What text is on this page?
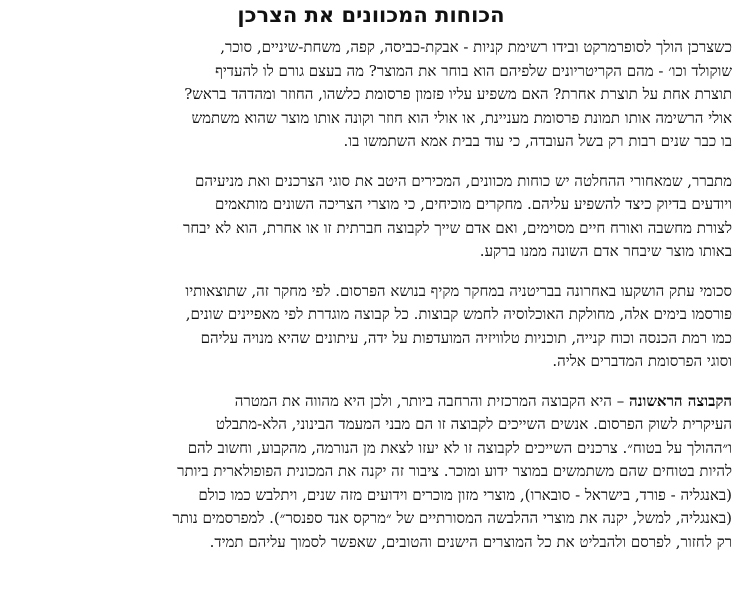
הכוחות המכוונים את הצרכן
כשצרכן הולך לסופרמרקט ובידו רשימת קניות - אבקת-כביסה, קפה, משחת-שיניים, סוכר,
שוקולד וכו׳ - מהם הקריטריונים שלפיהם הוא בוחר את המוצר? מה בעצם גורם לו להעדיף
תוצרת אחת על תוצרת אחרת? האם משפיע עליו פזמון פרסומת כלשהו, החוזר ומהדהד בראש?
אולי הרשימה אותו תמונת פרסומת מעניינת, או אולי הוא חוזר וקונה אותו מוצר שהוא משתמש
בו כבר שנים רבות רק בשל העובדה, כי עוד בבית אמא השתמשו בו.
מתברר, שמאחורי ההחלטה יש כוחות מכוונים, המכירים היטב את סוגי הצרכנים ואת מניעיהם
ויודעים בדיוק כיצד להשפיע עליהם. מחקרים מוכיחים, כי מוצרי הצריכה השונים מותאמים
לצורת מחשבה ואורח חיים מסוימים, ואם אדם שייך לקבוצה חברתית זו או אחרת, הוא לא יבחר
באותו מוצר שיבחר אדם השונה ממנו ברקע.
סכומי עתק הושקעו באחרונה בבריטניה במחקר מקיף בנושא הפרסום. לפי מחקר זה, שתוצאותיו
פורסמו בימים אלה, מחולקת האוכלוסיה לחמש קבוצות. כל קבוצה מוגדרת לפי מאפיינים שונים,
כמו רמת הכנסה וכוח קנייה, תוכניות טלוויזיה המועדפות על ידה, עיתונים שהיא מנויה עליהם
וסוגי הפרסומת המדברים אליה.
הקבוצה הראשונה – היא הקבוצה המרכזית והרחבה ביותר, ולכן היא מהווה את המטרה
העיקרית לשוק הפרסום. אנשים השייכים לקבוצה זו הם מבני המעמד הבינוני, הלא-מתבלט
ו״ההולך על בטוח״. צרכנים השייכים לקבוצה זו לא יעזו לצאת מן הנורמה, מהקבוע, וחשוב להם
להיות בטוחים שהם משתמשים במוצר ידוע ומוכר. ציבור זה יקנה את המכונית הפופולארית ביותר
(באנגליה - פורד, בישראל - סובארו), מוצרי מזון מוכרים וידועים מזה שנים, ויתלבש כמו כולם
(באנגליה, למשל, יקנה את מוצרי ההלבשה המסורתיים של ״מרקס אנד ספנסר״). למפרסמים נותר
רק לחזור, לפרסם ולהבליט את כל המוצרים הישנים והטובים, שאפשר לסמוך עליהם תמיד.
